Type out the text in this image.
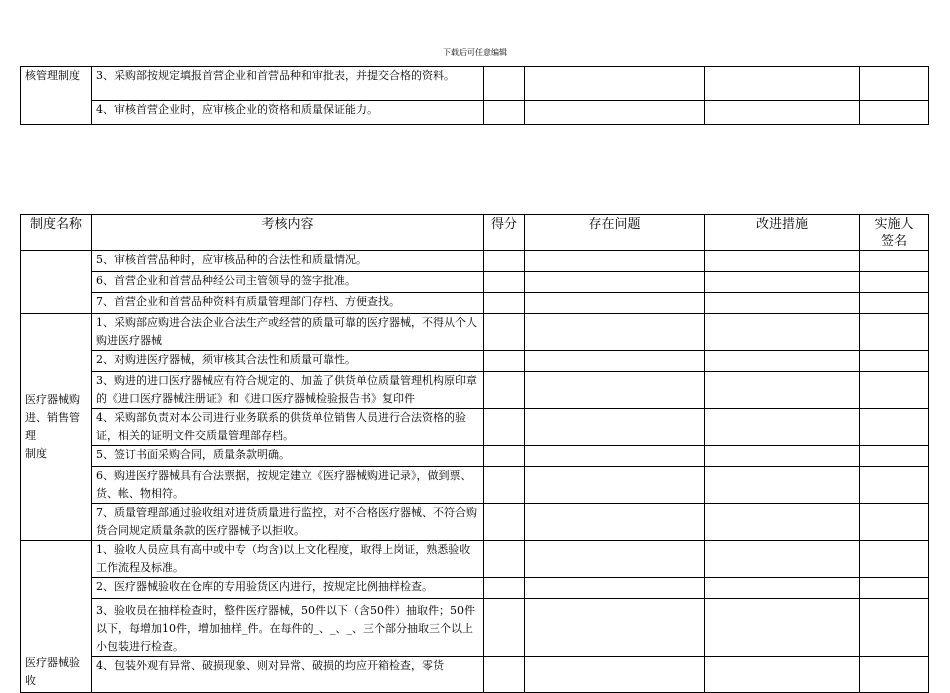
下载后可任意编辑
核管理制度	3、采购部按规定填报首营企业和首营品种和审批表，并提交合格的资料。				
	4、审核首营企业时，应审核企业的资格和质量保证能力。				
制度名称	考核内容	得分	存在问题	改进措施	实施人
签名
	5、审核首营品种时，应审核品种的合法性和质量情况。				
	6、首营企业和首营品种经公司主管领导的签字批准。				
	7、首营企业和首营品种资料有质量管理部门存档、方便查找。				
医疗器械购
进、销售管
理
制度	1、采购部应购进合法企业合法生产或经营的质量可靠的医疗器械，不得从个人购进医疗器械				
	2、对购进医疗器械，须审核其合法性和质量可靠性。				
	3、购进的进口医疗器械应有符合规定的、加盖了供货单位质量管理机构原印章的《进口医疗器械注册证》和《进口医疗器械检验报告书》复印件				
	4、采购部负责对本公司进行业务联系的供货单位销售人员进行合法资格的验证，相关的证明文件交质量管理部存档。				
	5、签订书面采购合同，质量条款明确。				
	6、购进医疗器械具有合法票据，按规定建立《医疗器械购进记录》，做到票、货、帐、物相符。				
	7、质量管理部通过验收组对进货质量进行监控，对不合格医疗器械、不符合购货合同规定质量条款的医疗器械予以拒收。				
医疗器械验
收	1、验收人员应具有高中或中专（均含)以上文化程度，取得上岗证，熟悉验收工作流程及标准。				
	2、医疗器械验收在仓库的专用验货区内进行，按规定比例抽样检查。				
	3、验收员在抽样检查时，整件医疗器械，50件以下（含50件）抽取件；50件以下，每增加10件，增加抽样_件。在每件的_、_、_、三个部分抽取三个以上小包装进行检查。				
	4、包装外观有异常、破损现象、则对异常、破损的均应开箱检查，零货				
